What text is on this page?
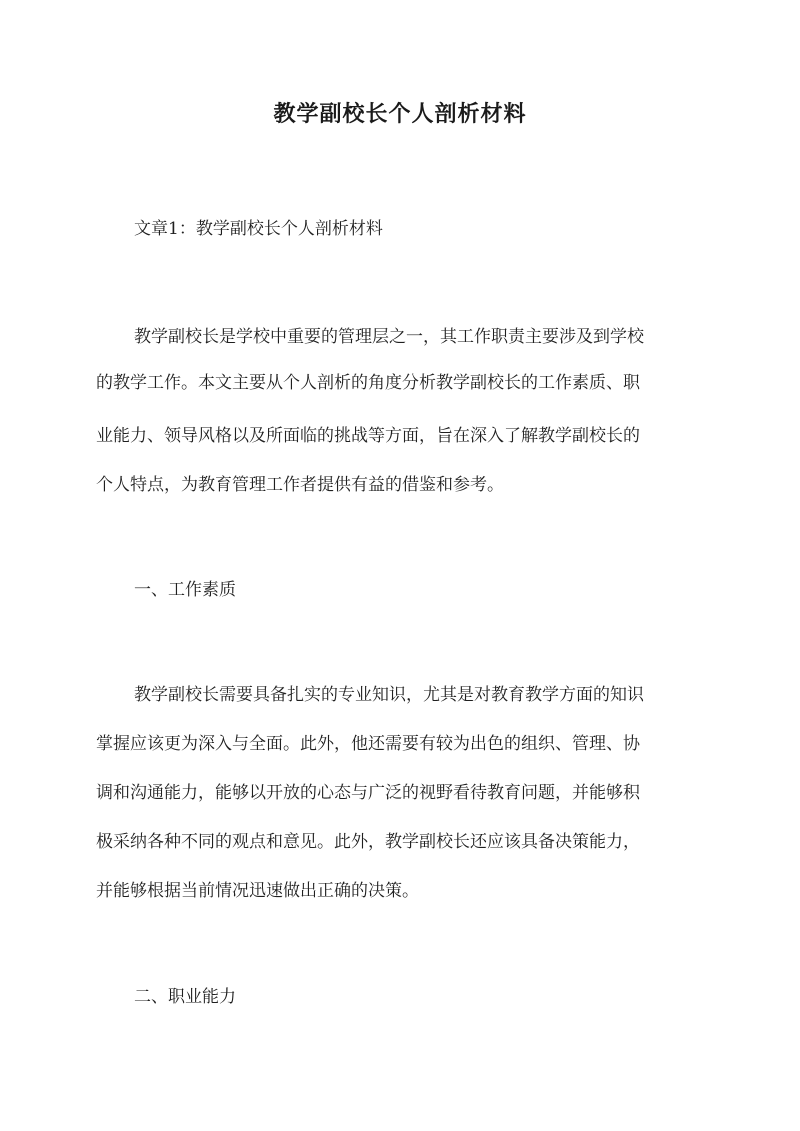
教学副校长个人剖析材料
文章1：教学副校长个人剖析材料
教学副校长是学校中重要的管理层之一，其工作职责主要涉及到学校
的教学工作。本文主要从个人剖析的角度分析教学副校长的工作素质、职
业能力、领导风格以及所面临的挑战等方面，旨在深入了解教学副校长的
个人特点，为教育管理工作者提供有益的借鉴和参考。
一、工作素质
教学副校长需要具备扎实的专业知识，尤其是对教育教学方面的知识
掌握应该更为深入与全面。此外，他还需要有较为出色的组织、管理、协
调和沟通能力，能够以开放的心态与广泛的视野看待教育问题，并能够积
极采纳各种不同的观点和意见。此外，教学副校长还应该具备决策能力，
并能够根据当前情况迅速做出正确的决策。
二、职业能力
